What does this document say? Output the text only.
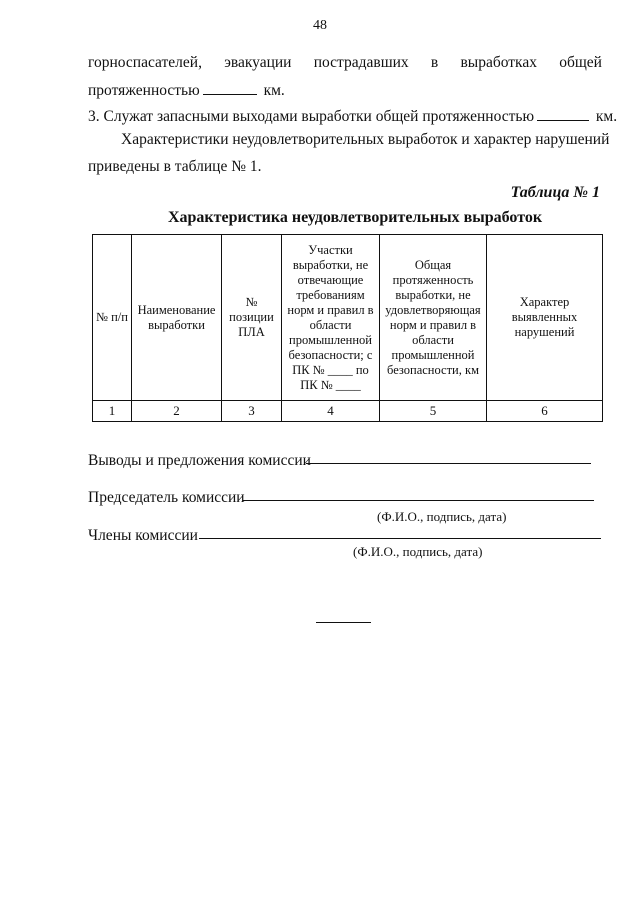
48
горноспасателей, эвакуации пострадавших в выработках общей
протяженностью	км.
3. Служат запасными выходами выработки общей протяженностью	км.
Характеристики неудовлетворительных выработок и характер нарушений
приведены в таблице № 1.
Таблица № 1
Характеристика неудовлетворительных выработок
№ п/п	Наименование выработки	№ позиции ПЛА	Участки выработки, не отвечающие требованиям норм и правил в области промышленной безопасности; с ПК № ____ по ПК № ____	Общая протяженность выработки, не удовлетворяющая норм и правил в области промышленной безопасности, км	Характер выявленных нарушений
1	2	3	4	5	6
Выводы и предложения комиссии
Председатель комиссии
(Ф.И.О., подпись, дата)
Члены комиссии
(Ф.И.О., подпись, дата)
